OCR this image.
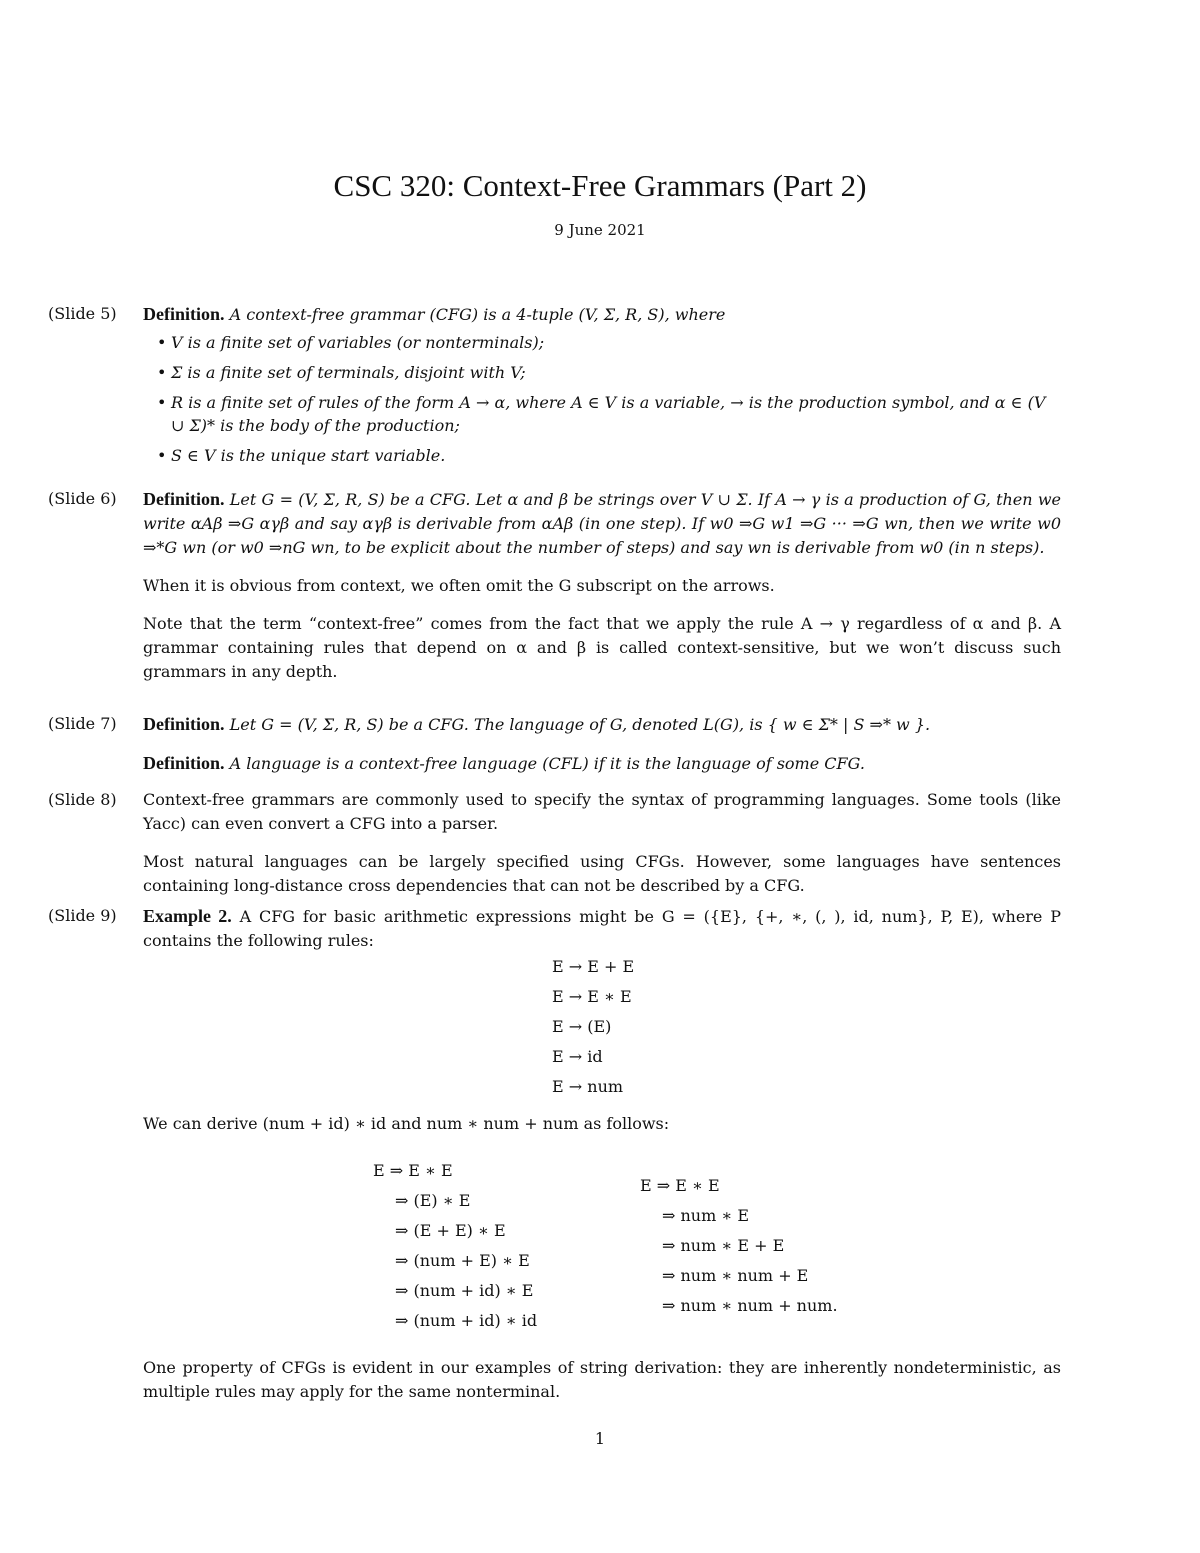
CSC 320: Context-Free Grammars (Part 2)
9 June 2021
(Slide 5) Definition. A context-free grammar (CFG) is a 4-tuple (V, Σ, R, S), where

• V is a finite set of variables (or nonterminals);
• Σ is a finite set of terminals, disjoint with V;
• R is a finite set of rules of the form A → α, where A ∈ V is a variable, → is the production symbol, and α ∈ (V ∪ Σ)* is the body of the production;
• S ∈ V is the unique start variable.
(Slide 6) Definition. Let G = (V, Σ, R, S) be a CFG. Let α and β be strings over V ∪ Σ. If A → γ is a production of G, then we write αAβ ⇒G αγβ and say αγβ is derivable from αAβ (in one step). If w0 ⇒G w1 ⇒G ··· ⇒G wn, then we write w0 ⇒*G wn (or w0 ⇒nG wn, to be explicit about the number of steps) and say wn is derivable from w0 (in n steps).

When it is obvious from context, we often omit the G subscript on the arrows.

Note that the term “context-free” comes from the fact that we apply the rule A → γ regardless of α and β. A grammar containing rules that depend on α and β is called context-sensitive, but we won’t discuss such grammars in any depth.

(Slide 7) Definition. Let G = (V, Σ, R, S) be a CFG. The language of G, denoted L(G), is { w ∈ Σ* | S ⇒* w }.

Definition. A language is a context-free language (CFL) if it is the language of some CFG.

(Slide 8) Context-free grammars are commonly used to specify the syntax of programming languages. Some tools (like Yacc) can even convert a CFG into a parser.

Most natural languages can be largely specified using CFGs. However, some languages have sentences containing long-distance cross dependencies that can not be described by a CFG.

(Slide 9) Example 2. A CFG for basic arithmetic expressions might be G = ({E}, {+, ∗, (, ), id, num}, P, E), where P contains the following rules:

E → E + E
E → E ∗ E
E → (E)
E → id
E → num
We can derive (num + id) ∗ id and num ∗ num + num as follows:
E ⇒ E ∗ E
⇒ (E) ∗ E
⇒ (E + E) ∗ E
⇒ (num + E) ∗ E
⇒ (num + id) ∗ E
⇒ (num + id) ∗ id
E ⇒ E ∗ E
⇒ num ∗ E
⇒ num ∗ E + E
⇒ num ∗ num + E
⇒ num ∗ num + num.

One property of CFGs is evident in our examples of string derivation: they are inherently nondeterministic, as multiple rules may apply for the same nonterminal.

1
